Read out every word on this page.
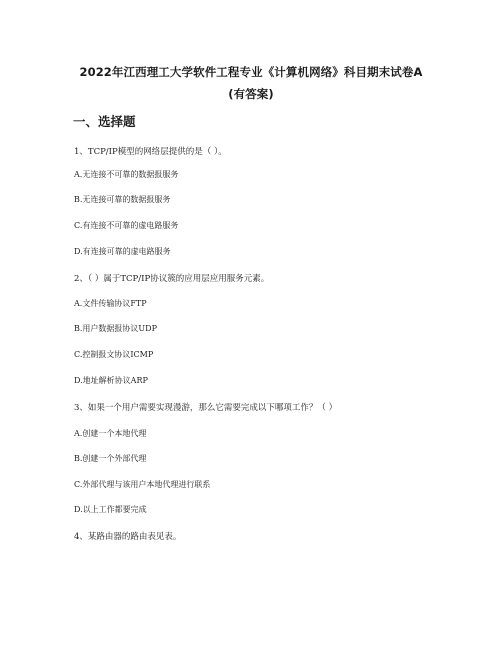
2022年江西理工大学软件工程专业《计算机网络》科目期末试卷A
(有答案)
一、选择题
1、TCP/IP模型的网络层提供的是（ ）。
A.无连接不可靠的数据报服务
B.无连接可靠的数据报服务
C.有连接不可靠的虚电路服务
D.有连接可靠的虚电路服务
2、（ ）属于TCP/IP协议簇的应用层应用服务元素。
A.文件传输协议FTP
B.用户数据报协议UDP
C.控制报文协议ICMP
D.地址解析协议ARP
3、如果一个用户需要实现漫游，那么它需要完成以下哪项工作？（ ）
A.创建一个本地代理
B.创建一个外部代理
C.外部代理与该用户本地代理进行联系
D.以上工作都要完成
4、某路由器的路由表见表。
